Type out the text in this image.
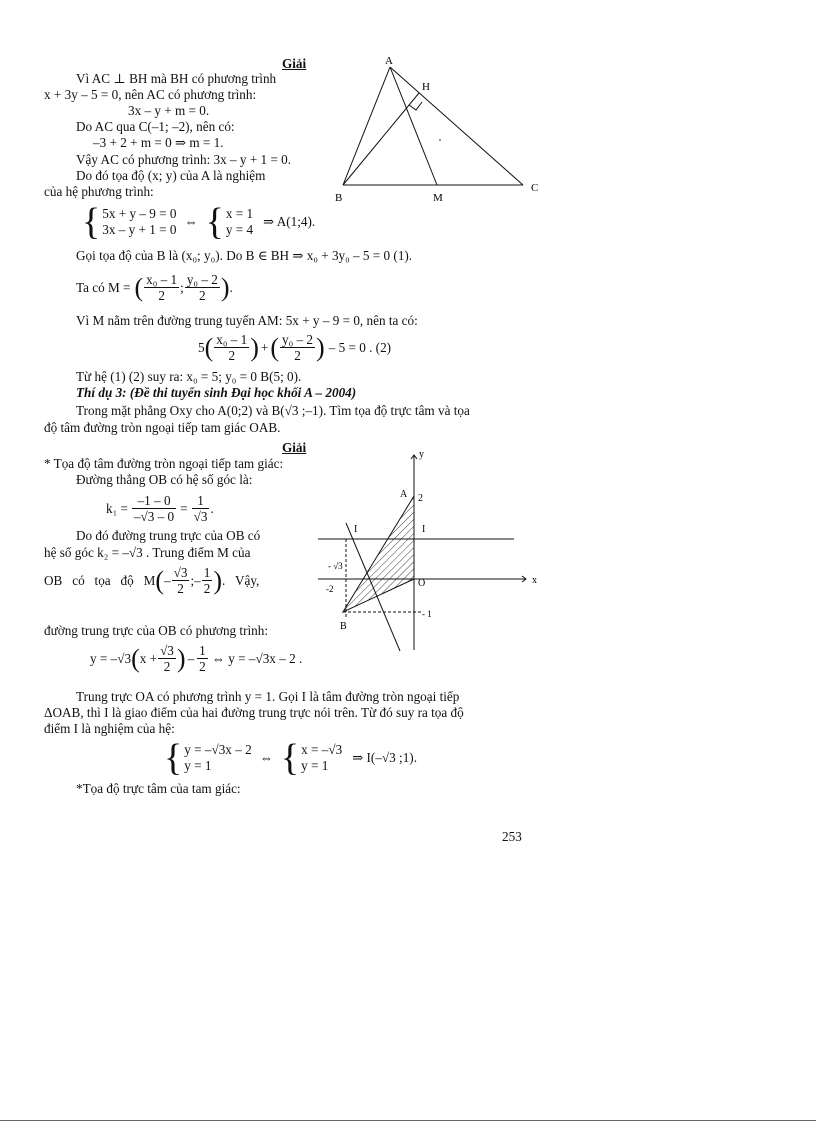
Giải
Vì AC ⊥ BH mà BH có phương trình
x + 3y – 5 = 0, nên AC có phương trình:
3x – y + m = 0.
Do AC qua C(–1; –2), nên có:
–3 + 2 + m = 0 ⇒ m = 1.
Vậy AC có phương trình: 3x – y + 1 = 0.
Do đó tọa độ (x; y) của A là nghiệm
của hệ phương trình:
{ 5x + y – 9 = 0
3x – y + 1 = 0
⇔ { x = 1
y = 4
⇒ A(1;4).
Gọi tọa độ của B là (x₀; y₀). Do B ∈ BH ⇒ x₀ + 3y₀ – 5 = 0 (1).
Ta có M = ( $\frac{\text{x₀ – 1}}{2}$ ; $\frac{\text{y₀ – 2}}{2}$ ) .
Vì M nằm trên đường trung tuyến AM: 5x + y – 9 = 0, nên ta có:
5 ( $\frac{\text{x₀ – 1}}{2}$ ) + ( $\frac{\text{y₀ – 2}}{2}$ ) – 5 = 0 . (2)
Từ hệ (1) (2) suy ra: x₀ = 5; y₀ = 0 B(5; 0).
Thí dụ 3: (Đề thi tuyển sinh Đại học khối A – 2004)
Trong mặt phẳng Oxy cho A(0;2) và B(√3 ;–1). Tìm tọa độ trực tâm và tọa
độ tâm đường tròn ngoại tiếp tam giác OAB.
Giải
* Tọa độ tâm đường tròn ngoại tiếp tam giác:
Đường thẳng OB có hệ số góc là:
$k_1 = \frac{-1 - 0}{-√3 - 0} = \frac{1}{√3}$ .
Do đó đường trung trực của OB có
hệ số góc k₂ = –√3 . Trung điểm M của
OB   có   tọa   độ   M ( – $\frac{√3}{2}$ ;– $\frac{1}{2}$ ) .   Vậy,
đường trung trực của OB có phương trình:
y = –√3 ( $x + \frac{√3}{2}$ ) – $\frac{1}{2}$ ⇔ y = –√3x – 2 .
Trung trực OA có phương trình y = 1. Gọi I là tâm đường tròn ngoại tiếp
ΔOAB, thì I là giao điểm của hai đường trung trực nói trên. Từ đó suy ra tọa độ
điểm I là nghiệm của hệ:
{ y = –√3x – 2
y = 1
⇔ { x = –√3
y = 1
⇒ I(–√3 ;1).
*Tọa độ trực tâm của tam giác:
253
A
H
B	M
C
y
x
A 2
I	I
- √3
-2	O
- 1
B
